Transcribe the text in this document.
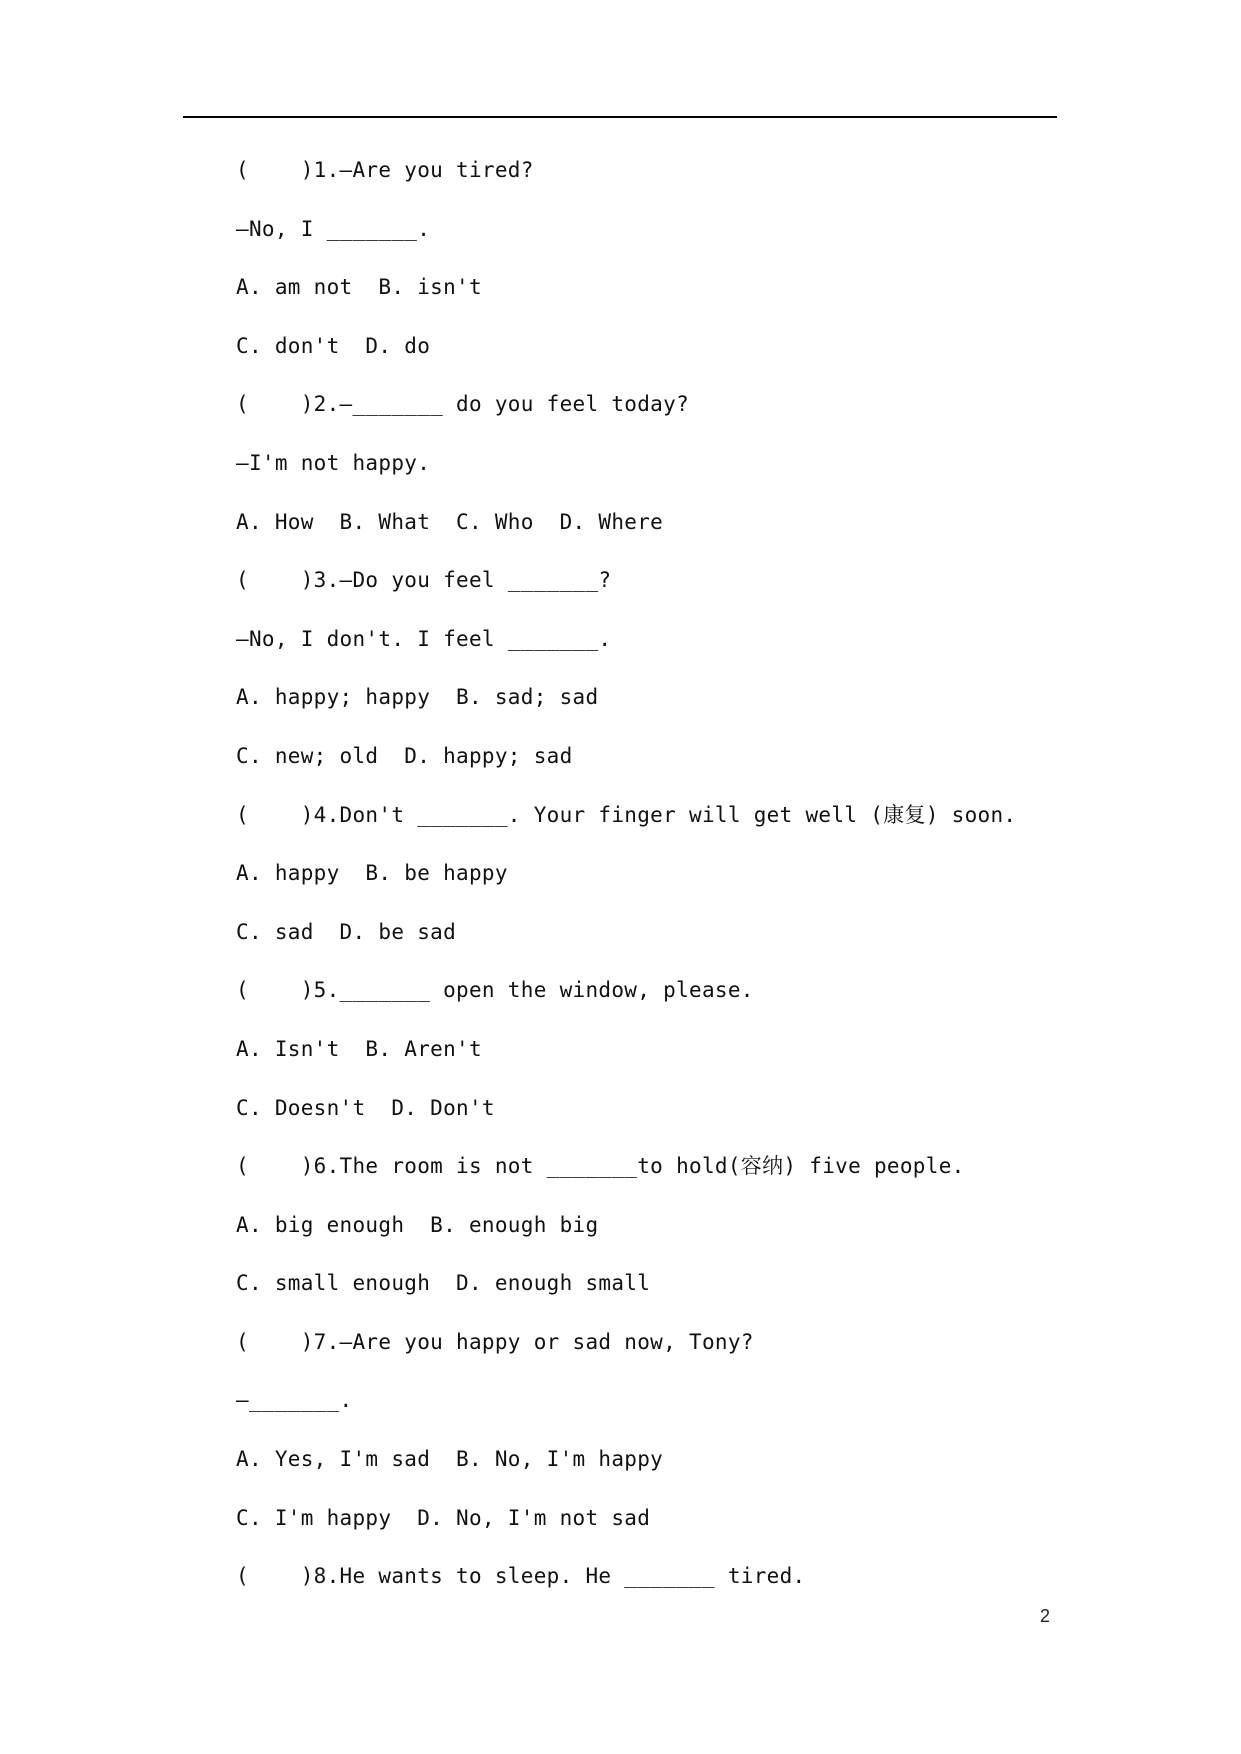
(    )1.—Are you tired?
—No, I _______.
A. am not  B. isn't
C. don't  D. do
(    )2.—_______ do you feel today?
—I'm not happy.
A. How  B. What  C. Who  D. Where
(    )3.—Do you feel _______?
—No, I don't. I feel _______.
A. happy; happy  B. sad; sad
C. new; old  D. happy; sad
(    )4.Don't _______. Your finger will get well (康复) soon.
A. happy  B. be happy
C. sad  D. be sad
(    )5._______ open the window, please.
A. Isn't  B. Aren't
C. Doesn't  D. Don't
(    )6.The room is not _______to hold(容纳) five people.
A. big enough  B. enough big
C. small enough  D. enough small
(    )7.—Are you happy or sad now, Tony?
—_______.
A. Yes, I'm sad  B. No, I'm happy
C. I'm happy  D. No, I'm not sad
(    )8.He wants to sleep. He _______ tired.
2
